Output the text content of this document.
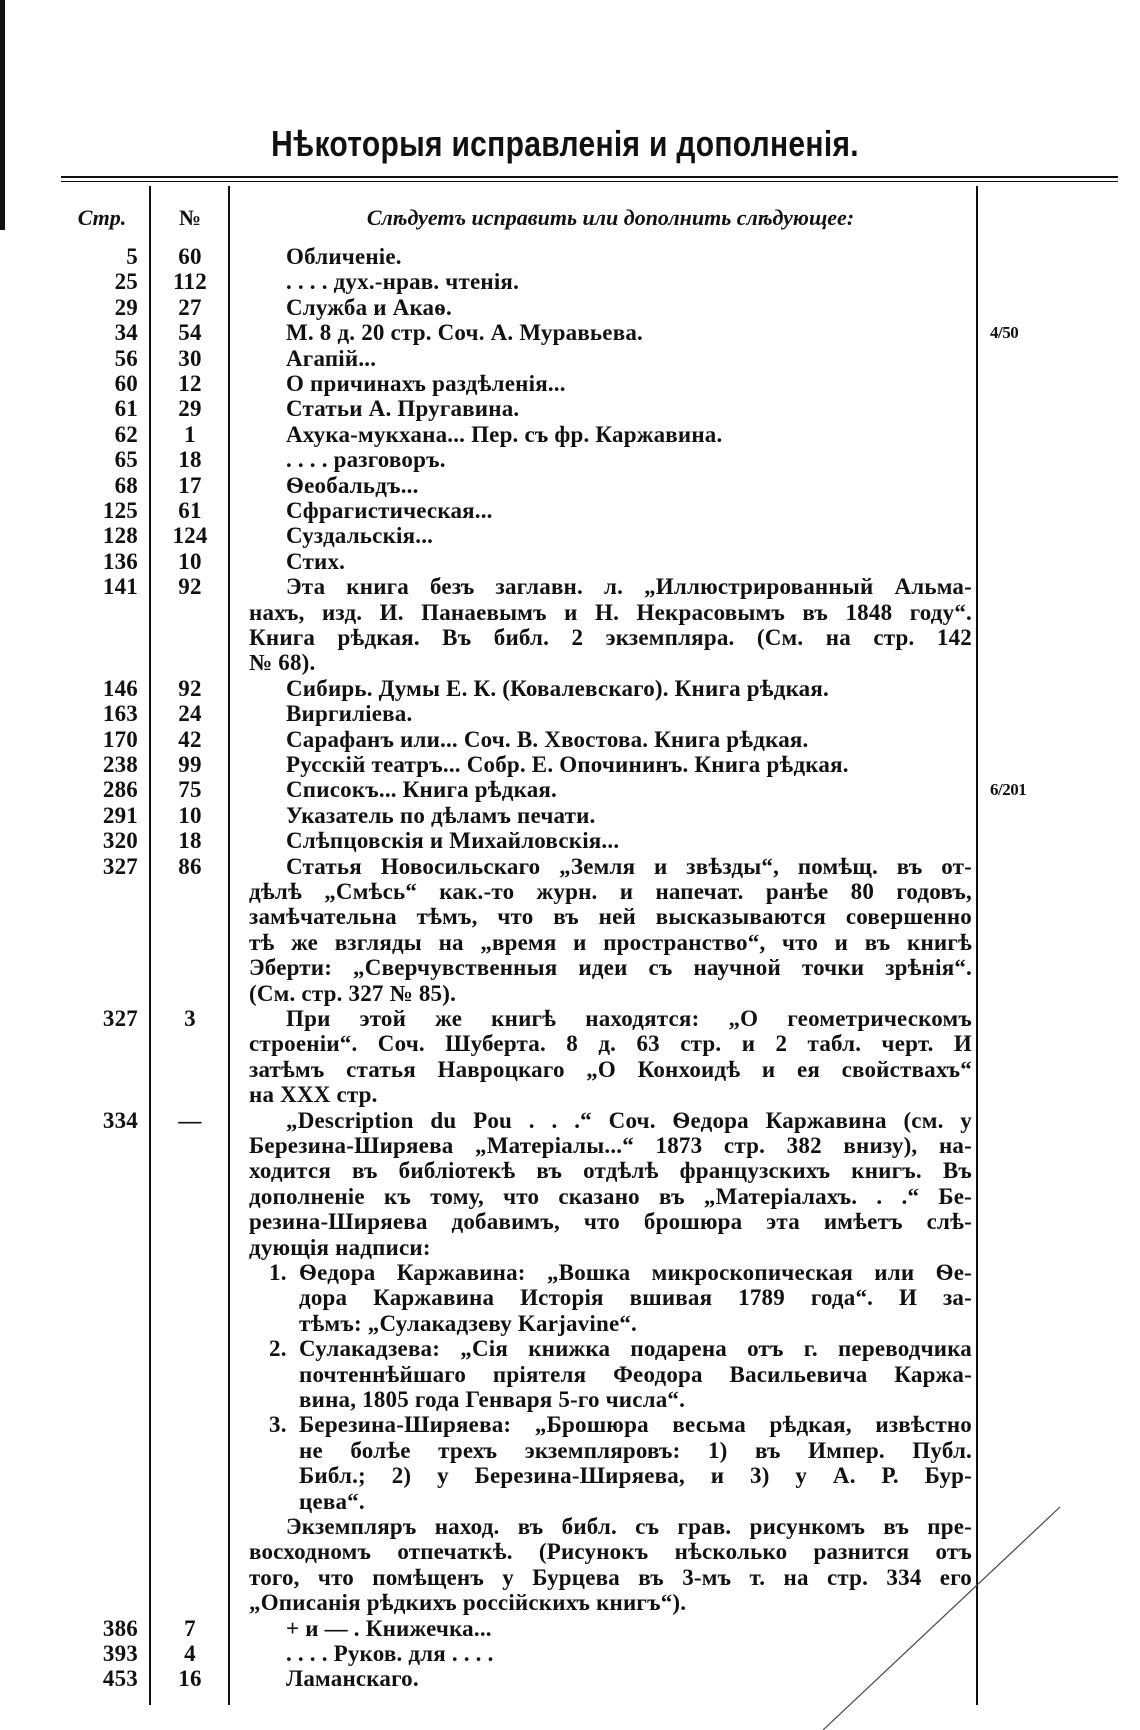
Нѣкоторыя исправленія и дополненія.
Стр.	№	Слѣдуетъ исправить или дополнить слѣдующее:
5	60	Обличеніе.
25	112	. . . . дух.-нрав. чтенія.
29	27	Служба и Акаѳ.
34	54	М. 8 д. 20 стр. Соч. А. Муравьева.	4/50
56	30	Агапій...
60	12	О причинахъ раздѣленія...
61	29	Статьи А. Пругавина.
62	1	Ахука-мукхана... Пер. съ фр. Каржавина.
65	18	. . . . разговоръ.
68	17	Ѳеобальдъ...
125	61	Сфрагистическая...
128	124	Суздальскія...
136	10	Стих.
141	92	Эта книга безъ заглавн. л. „Иллюстрированный Альма-
нахъ, изд. И. Панаевымъ и Н. Некрасовымъ въ 1848 году“.
Книга рѣдкая. Въ библ. 2 экземпляра. (См. на стр. 142
№ 68).
146	92	Сибирь. Думы Е. К. (Ковалевскаго). Книга рѣдкая.
163	24	Виргиліева.
170	42	Сарафанъ или... Соч. В. Хвостова. Книга рѣдкая.
238	99	Русскій театръ... Собр. Е. Опочининъ. Книга рѣдкая.
286	75	Списокъ... Книга рѣдкая.	6/201
291	10	Указатель по дѣламъ печати.
320	18	Слѣпцовскія и Михайловскія...
327	86	Статья Новосильскаго „Земля и звѣзды“, помѣщ. въ от-
дѣлѣ „Смѣсь“ как.-то журн. и напечат. ранѣе 80 годовъ,
замѣчательна тѣмъ, что въ ней высказываются совершенно
тѣ же взгляды на „время и пространство“, что и въ книгѣ
Эберти: „Сверчувственныя идеи съ научной точки зрѣнія“.
(См. стр. 327 № 85).
327	3	При этой же книгѣ находятся: „О геометрическомъ
строеніи“. Соч. Шуберта. 8 д. 63 стр. и 2 табл. черт. И
затѣмъ статья Навроцкаго „О Конхоидѣ и ея свойствахъ“
на XXX стр.
334	—	„Description du Pou . . .“ Соч. Ѳедора Каржавина (см. у
Березина-Ширяева „Матеріалы...“ 1873 стр. 382 внизу), на-
ходится въ библіотекѣ въ отдѣлѣ французскихъ книгъ. Въ
дополненіе къ тому, что сказано въ „Матеріалахъ. . .“ Бе-
резина-Ширяева добавимъ, что брошюра эта имѣетъ слѣ-
дующія надписи:
1. Ѳедора Каржавина: „Вошка микроскопическая или Ѳе-
дора Каржавина Исторія вшивая 1789 года“. И за-
тѣмъ: „Сулакадзеву Karjavine“.
2. Сулакадзева: „Сія книжка подарена отъ г. переводчика
почтеннѣйшаго пріятеля Феодора Васильевича Каржа-
вина, 1805 года Генваря 5-го числа“.
3. Березина-Ширяева: „Брошюра весьма рѣдкая, извѣстно
не болѣе трехъ экземпляровъ: 1) въ Импер. Публ.
Библ.; 2) у Березина-Ширяева, и 3) у А. Р. Бур-
цева“.
Экземпляръ наход. въ библ. съ грав. рисункомъ въ пре-
восходномъ отпечаткѣ. (Рисунокъ нѣсколько разнится отъ
того, что помѣщенъ у Бурцева въ 3-мъ т. на стр. 334 его
„Описанія рѣдкихъ россійскихъ книгъ“).
386	7	+ и — . Книжечка...
393	4	. . . . Руков. для . . . .
453	16	Ламанскаго.
